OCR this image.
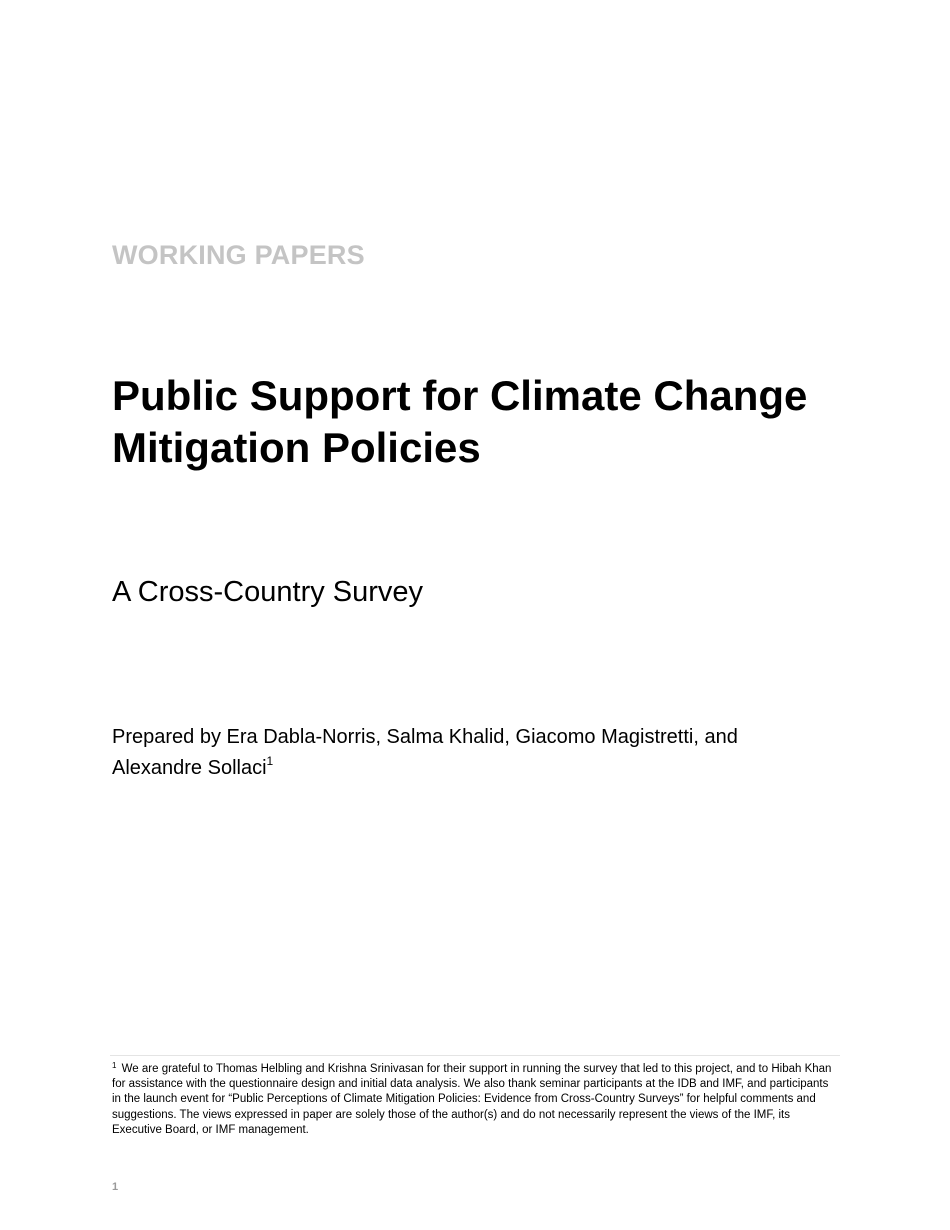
WORKING PAPERS

Public Support for Climate Change Mitigation Policies
A Cross-Country Survey

Prepared by Era Dabla-Norris, Salma Khalid, Giacomo Magistretti, and Alexandre Sollaci$^1$

$^1$ We are grateful to Thomas Helbling and Krishna Srinivasan for their support in running the survey that led to this project, and to Hibah Khan for assistance with the questionnaire design and initial data analysis. We also thank seminar participants at the IDB and IMF, and participants in the launch event for “Public Perceptions of Climate Mitigation Policies: Evidence from Cross-Country Surveys” for helpful comments and suggestions. The views expressed in paper are solely those of the author(s) and do not necessarily represent the views of the IMF, its Executive Board, or IMF management.

1
